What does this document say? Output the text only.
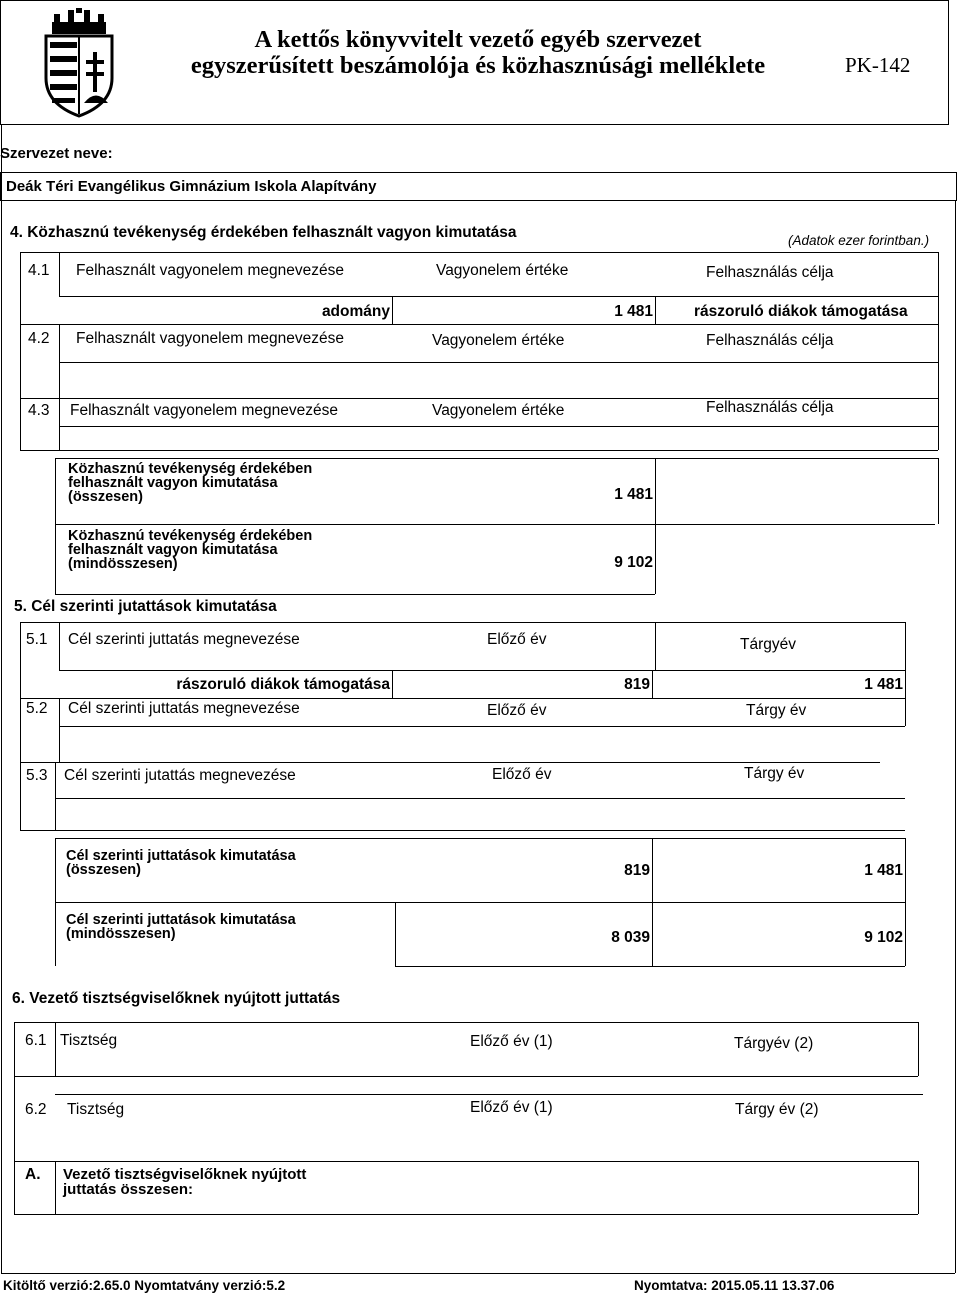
A kettős könyvvitelt vezető egyéb szervezet
egyszerűsített beszámolója és közhasznúsági melléklete	PK-142
Szervezet neve:
Deák Téri Evangélikus Gimnázium Iskola Alapítvány
4. Közhasznú tevékenység érdekében felhasznált vagyon kimutatása	(Adatok ezer forintban.)
4.1 Felhasznált vagyonelem megnevezése	Vagyonelem értéke	Felhasználás célja
adomány	1 481	rászoruló diákok támogatása
4.2 Felhasznált vagyonelem megnevezése	Vagyonelem értéke	Felhasználás célja
4.3 Felhasznált vagyonelem megnevezése	Vagyonelem értéke	Felhasználás célja
Közhasznú tevékenység érdekében
felhasznált vagyon kimutatása
(összesen)	1 481
Közhasznú tevékenység érdekében
felhasznált vagyon kimutatása
(mindösszesen)	9 102
5. Cél szerinti jutattások kimutatása
5.1 Cél szerinti juttatás megnevezése	Előző év	Tárgyév
rászoruló diákok támogatása	819	1 481
5.2 Cél szerinti juttatás megnevezése	Előző év	Tárgy év
5.3 Cél szerinti jutattás megnevezése	Előző év	Tárgy év
Cél szerinti juttatások kimutatása
(összesen)	819	1 481
Cél szerinti juttatások kimutatása
(mindösszesen)	8 039	9 102
6. Vezető tisztségviselőknek nyújtott juttatás
6.1 Tisztség	Előző év (1)	Tárgyév (2)
6.2 Tisztség	Előző év (1)	Tárgy év (2)
A. Vezető tisztségviselőknek nyújtott
juttatás összesen:
Kitöltő verzió:2.65.0 Nyomtatvány verzió:5.2	Nyomtatva: 2015.05.11 13.37.06
